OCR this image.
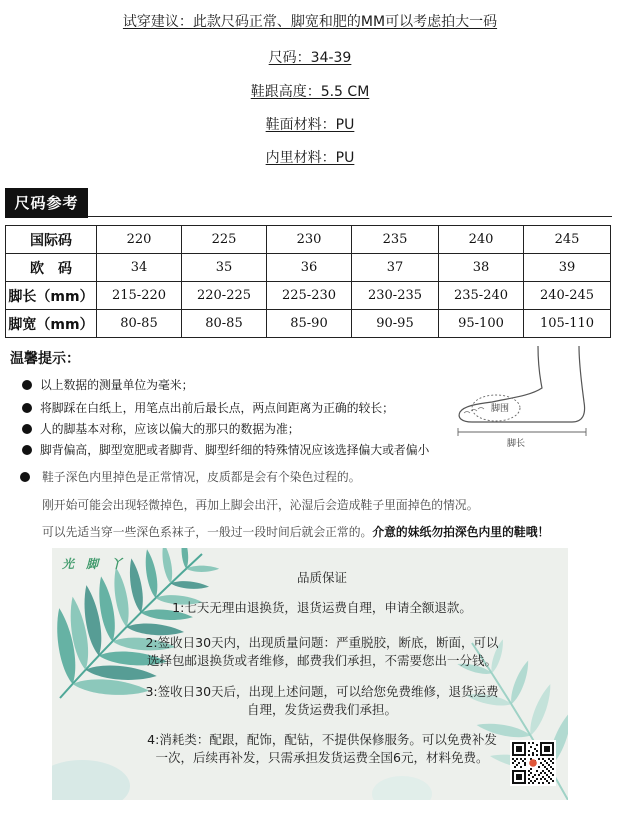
试穿建议：此款尺码正常、脚宽和肥的MM可以考虑拍大一码
尺码：34-39
鞋跟高度：5.5 CM
鞋面材料：PU
内里材料：PU
尺码参考
国际码	220	225	230	235	240	245
欧　码	34	35	36	37	38	39
脚长（mm）	215-220	220-225	225-230	230-235	235-240	240-245
脚宽（mm）	80-85	80-85	85-90	90-95	95-100	105-110
温馨提示：
以上数据的测量单位为毫米；
将脚踩在白纸上，用笔点出前后最长点，两点间距离为正确的较长；
人的脚基本对称，应该以偏大的那只的数据为准；
脚背偏高，脚型宽肥或者脚背、脚型纤细的特殊情况应该选择偏大或者偏小
鞋子深色内里掉色是正常情况，皮质都是会有个染色过程的。
刚开始可能会出现轻微掉色，再加上脚会出汗，沁湿后会造成鞋子里面掉色的情况。
可以先适当穿一些深色系袜子，一般过一段时间后就会正常的。介意的妹纸勿拍深色内里的鞋哦！
脚围
脚长
光 脚 丫
品质保证
1:七天无理由退换货，退货运费自理，申请全额退款。
2:签收日30天内，出现质量问题：严重脱胶，断底，断面，可以
选择包邮退换货或者维修，邮费我们承担，不需要您出一分钱。
3:签收日30天后，出现上述问题，可以给您免费维修，退货运费
自理，发货运费我们承担。
4:消耗类：配跟，配饰，配钻，不提供保修服务。可以免费补发
一次，后续再补发，只需承担发货运费全国6元，材料免费。
